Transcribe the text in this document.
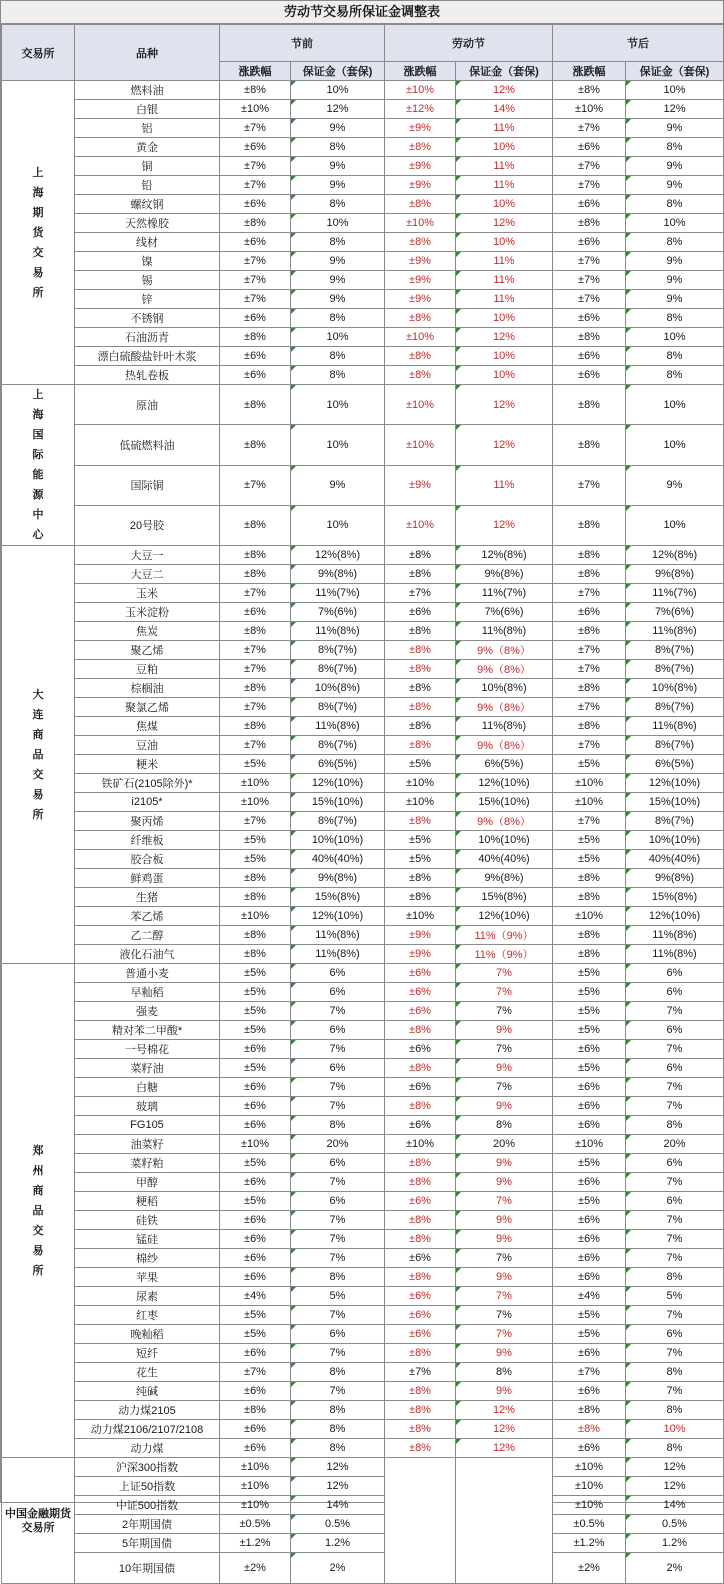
劳动节交易所保证金调整表
交易所	品种	节前		劳动节		节后	
		涨跌幅	保证金（套保)	涨跌幅	保证金（套保)	涨跌幅	保证金（套保)
上海期货交易所	燃料油	±8%	10%	±10%	12%	±8%	10%
	白银	±10%	12%	±12%	14%	±10%	12%
	铝	±7%	9%	±9%	11%	±7%	9%
	黄金	±6%	8%	±8%	10%	±6%	8%
	铜	±7%	9%	±9%	11%	±7%	9%
	铅	±7%	9%	±9%	11%	±7%	9%
	螺纹钢	±6%	8%	±8%	10%	±6%	8%
	天然橡胶	±8%	10%	±10%	12%	±8%	10%
	线材	±6%	8%	±8%	10%	±6%	8%
	镍	±7%	9%	±9%	11%	±7%	9%
	锡	±7%	9%	±9%	11%	±7%	9%
	锌	±7%	9%	±9%	11%	±7%	9%
	不锈钢	±6%	8%	±8%	10%	±6%	8%
	石油沥青	±8%	10%	±10%	12%	±8%	10%
	漂白硫酸盐针叶木浆	±6%	8%	±8%	10%	±6%	8%
	热轧卷板	±6%	8%	±8%	10%	±6%	8%
上海国际能源中心	原油	±8%	10%	±10%	12%	±8%	10%
	低硫燃料油	±8%	10%	±10%	12%	±8%	10%
	国际铜	±7%	9%	±9%	11%	±7%	9%
	20号胶	±8%	10%	±10%	12%	±8%	10%
大连商品交易所	大豆一	±8%	12%(8%)	±8%	12%(8%)	±8%	12%(8%)
	大豆二	±8%	9%(8%)	±8%	9%(8%)	±8%	9%(8%)
	玉米	±7%	11%(7%)	±7%	11%(7%)	±7%	11%(7%)
	玉米淀粉	±6%	7%(6%)	±6%	7%(6%)	±6%	7%(6%)
	焦炭	±8%	11%(8%)	±8%	11%(8%)	±8%	11%(8%)
	聚乙烯	±7%	8%(7%)	±8%	9%（8%）	±7%	8%(7%)
	豆粕	±7%	8%(7%)	±8%	9%（8%）	±7%	8%(7%)
	棕榈油	±8%	10%(8%)	±8%	10%(8%)	±8%	10%(8%)
	聚氯乙烯	±7%	8%(7%)	±8%	9%（8%）	±7%	8%(7%)
	焦煤	±8%	11%(8%)	±8%	11%(8%)	±8%	11%(8%)
	豆油	±7%	8%(7%)	±8%	9%（8%）	±7%	8%(7%)
	粳米	±5%	6%(5%)	±5%	6%(5%)	±5%	6%(5%)
	铁矿石(2105除外)*	±10%	12%(10%)	±10%	12%(10%)	±10%	12%(10%)
	i2105*	±10%	15%(10%)	±10%	15%(10%)	±10%	15%(10%)
	聚丙烯	±7%	8%(7%)	±8%	9%（8%）	±7%	8%(7%)
	纤维板	±5%	10%(10%)	±5%	10%(10%)	±5%	10%(10%)
	胶合板	±5%	40%(40%)	±5%	40%(40%)	±5%	40%(40%)
	鲜鸡蛋	±8%	9%(8%)	±8%	9%(8%)	±8%	9%(8%)
	生猪	±8%	15%(8%)	±8%	15%(8%)	±8%	15%(8%)
	苯乙烯	±10%	12%(10%)	±10%	12%(10%)	±10%	12%(10%)
	乙二醇	±8%	11%(8%)	±9%	11%（9%）	±8%	11%(8%)
	液化石油气	±8%	11%(8%)	±9%	11%（9%）	±8%	11%(8%)
郑州商品交易所	普通小麦	±5%	6%	±6%	7%	±5%	6%
	早籼稻	±5%	6%	±6%	7%	±5%	6%
	强麦	±5%	7%	±6%	7%	±5%	7%
	精对苯二甲酸*	±5%	6%	±8%	9%	±5%	6%
	一号棉花	±6%	7%	±6%	7%	±6%	7%
	菜籽油	±5%	6%	±8%	9%	±5%	6%
	白糖	±6%	7%	±6%	7%	±6%	7%
	玻璃	±6%	7%	±8%	9%	±6%	7%
	FG105	±6%	8%	±6%	8%	±6%	8%
	油菜籽	±10%	20%	±10%	20%	±10%	20%
	菜籽粕	±5%	6%	±8%	9%	±5%	6%
	甲醇	±6%	7%	±8%	9%	±6%	7%
	粳稻	±5%	6%	±6%	7%	±5%	6%
	硅铁	±6%	7%	±8%	9%	±6%	7%
	锰硅	±6%	7%	±8%	9%	±6%	7%
	棉纱	±6%	7%	±6%	7%	±6%	7%
	苹果	±6%	8%	±8%	9%	±6%	8%
	尿素	±4%	5%	±6%	7%	±4%	5%
	红枣	±5%	7%	±6%	7%	±5%	7%
	晚籼稻	±5%	6%	±6%	7%	±5%	6%
	短纤	±6%	7%	±8%	9%	±6%	7%
	花生	±7%	8%	±7%	8%	±7%	8%
	纯碱	±6%	7%	±8%	9%	±6%	7%
	动力煤2105	±8%	8%	±8%	12%	±8%	8%
	动力煤2106/2107/2108	±6%	8%	±8%	12%	±8%	10%
	动力煤	±6%	8%	±8%	12%	±6%	8%
中国金融期货交易所	沪深300指数	±10%	12%			±10%	12%
	上证50指数	±10%	12%			±10%	12%
	中证500指数	±10%	14%			±10%	14%
	2年期国债	±0.5%	0.5%			±0.5%	0.5%
	5年期国债	±1.2%	1.2%			±1.2%	1.2%
	10年期国债	±2%	2%			±2%	2%
